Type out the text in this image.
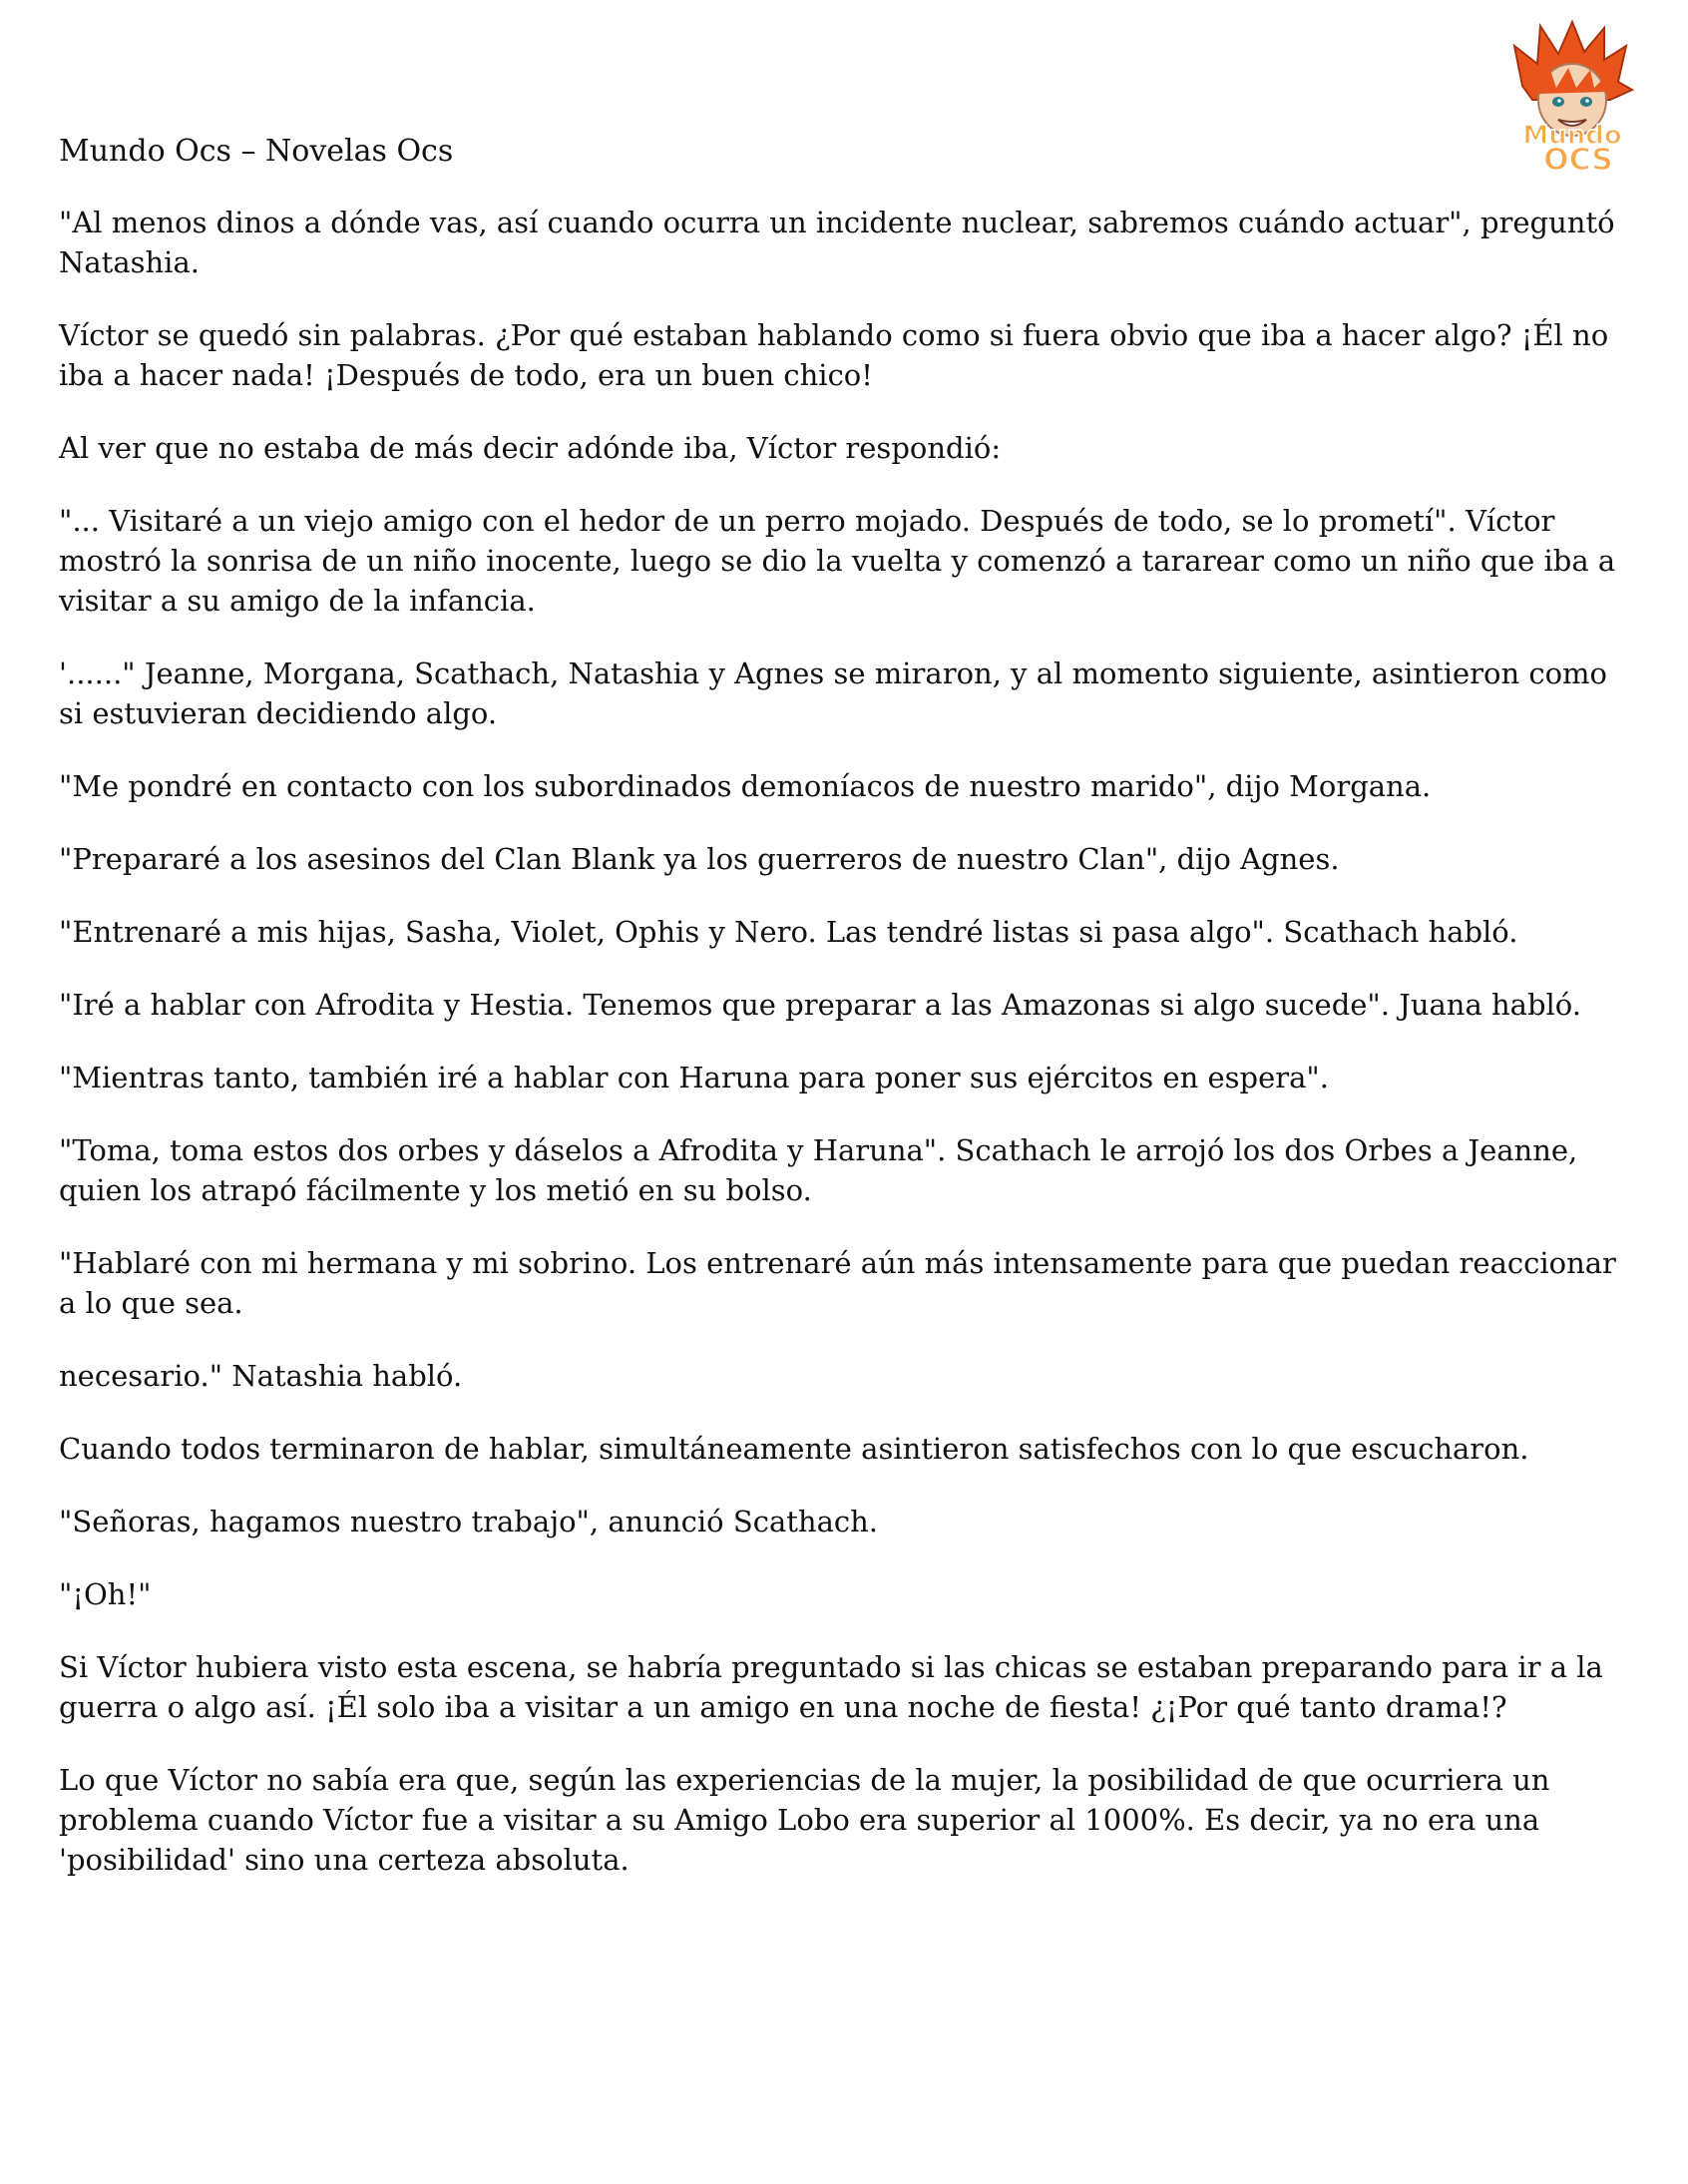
Mundo
OCS
Mundo Ocs – Novelas Ocs

"Al menos dinos a dónde vas, así cuando ocurra un incidente nuclear, sabremos cuándo actuar", preguntó Natashia.

Víctor se quedó sin palabras. ¿Por qué estaban hablando como si fuera obvio que iba a hacer algo? ¡Él no iba a hacer nada! ¡Después de todo, era un buen chico!

Al ver que no estaba de más decir adónde iba, Víctor respondió:

"... Visitaré a un viejo amigo con el hedor de un perro mojado. Después de todo, se lo prometí". Víctor mostró la sonrisa de un niño inocente, luego se dio la vuelta y comenzó a tararear como un niño que iba a visitar a su amigo de la infancia.

'......" Jeanne, Morgana, Scathach, Natashia y Agnes se miraron, y al momento siguiente, asintieron como si estuvieran decidiendo algo.

"Me pondré en contacto con los subordinados demoníacos de nuestro marido", dijo Morgana.

"Prepararé a los asesinos del Clan Blank ya los guerreros de nuestro Clan", dijo Agnes.

"Entrenaré a mis hijas, Sasha, Violet, Ophis y Nero. Las tendré listas si pasa algo". Scathach habló.

"Iré a hablar con Afrodita y Hestia. Tenemos que preparar a las Amazonas si algo sucede". Juana habló.

"Mientras tanto, también iré a hablar con Haruna para poner sus ejércitos en espera".

"Toma, toma estos dos orbes y dáselos a Afrodita y Haruna". Scathach le arrojó los dos Orbes a Jeanne, quien los atrapó fácilmente y los metió en su bolso.

"Hablaré con mi hermana y mi sobrino. Los entrenaré aún más intensamente para que puedan reaccionar a lo que sea.

necesario." Natashia habló.

Cuando todos terminaron de hablar, simultáneamente asintieron satisfechos con lo que escucharon.

"Señoras, hagamos nuestro trabajo", anunció Scathach.

"¡Oh!"

Si Víctor hubiera visto esta escena, se habría preguntado si las chicas se estaban preparando para ir a la guerra o algo así. ¡Él solo iba a visitar a un amigo en una noche de fiesta! ¿¡Por qué tanto drama!?

Lo que Víctor no sabía era que, según las experiencias de la mujer, la posibilidad de que ocurriera un problema cuando Víctor fue a visitar a su Amigo Lobo era superior al 1000%. Es decir, ya no era una 'posibilidad' sino una certeza absoluta.
